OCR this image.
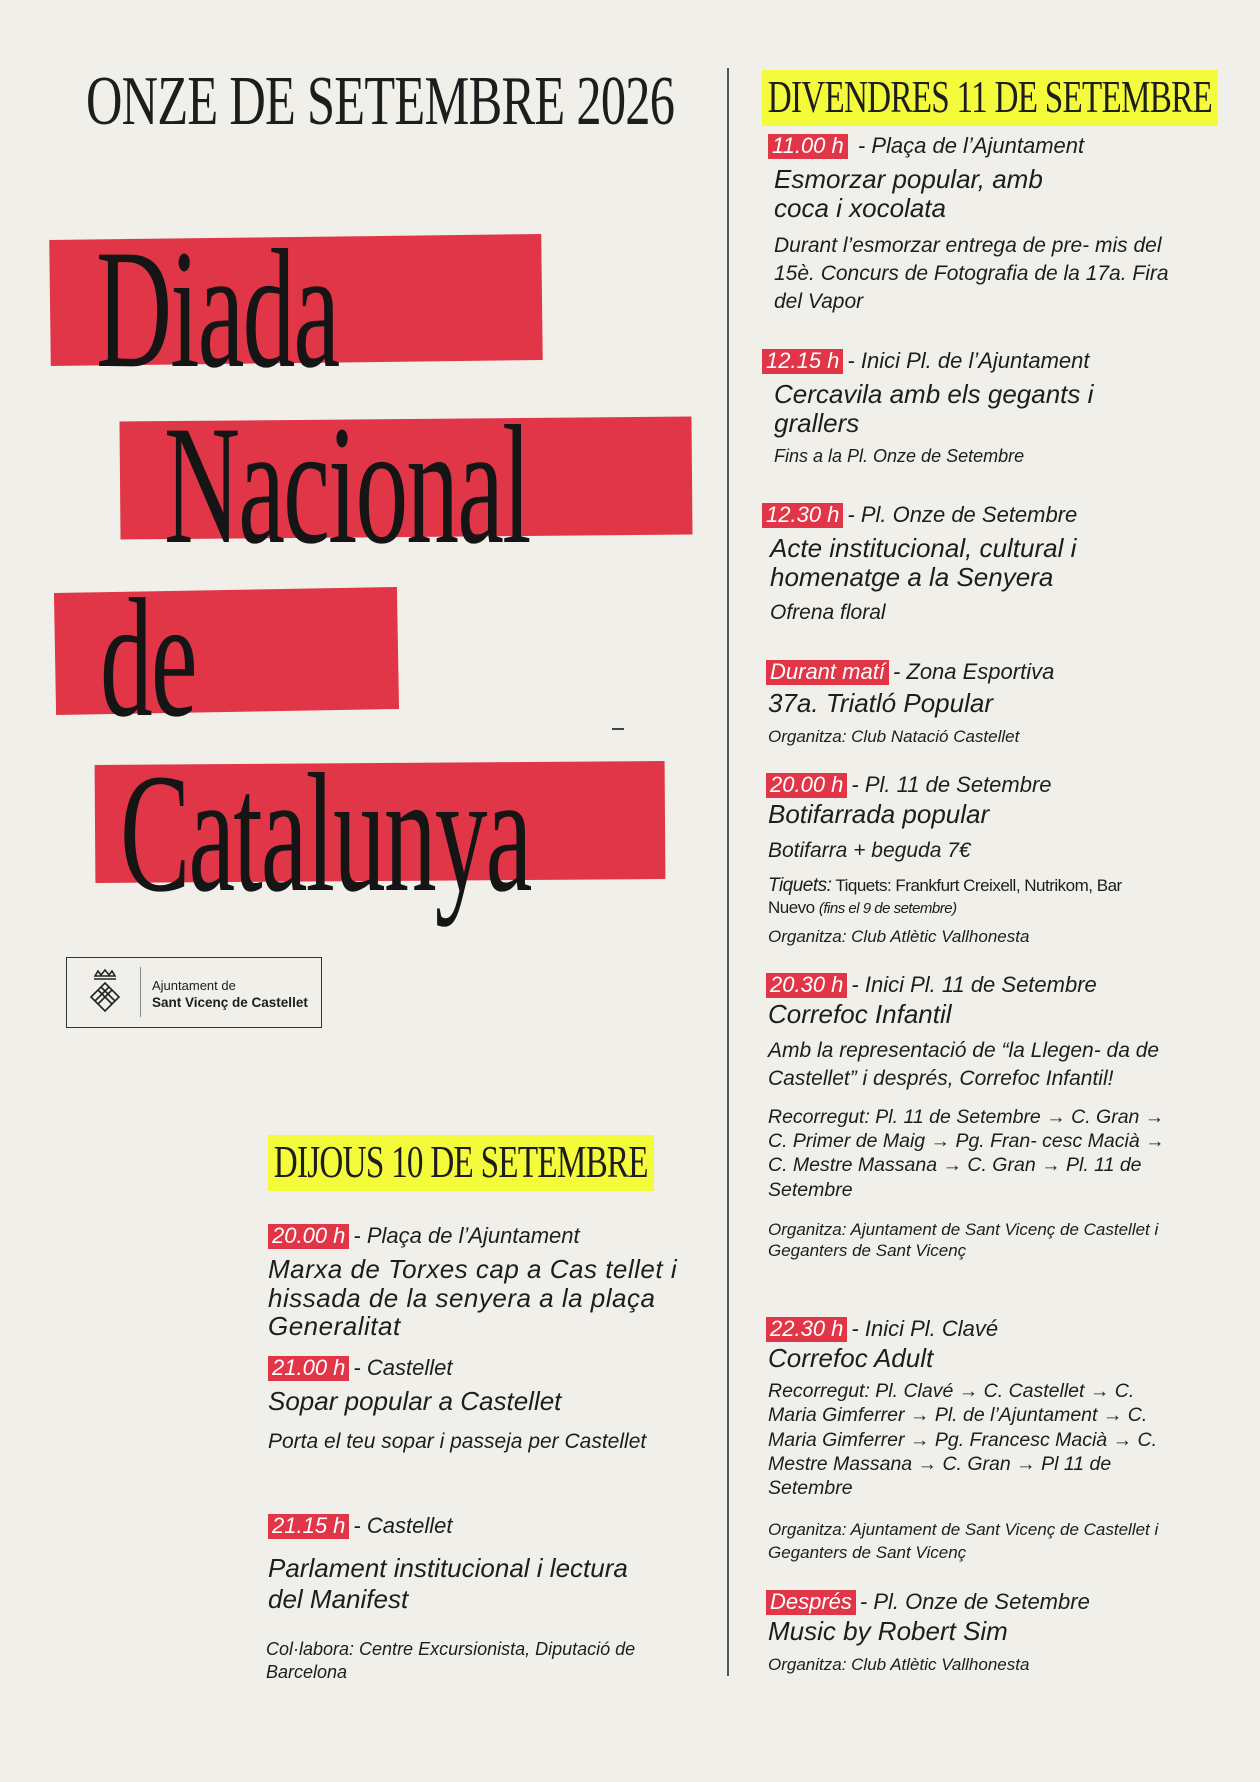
ONZE DE SETEMBRE 2026
Diada
Nacional
de
Catalunya
Ajuntament de
Sant Vicenç de Castellet
DIJOUS 10 DE SETEMBRE

20.00 h - Plaça de l’Ajuntament

Marxa de Torxes cap a Cas tellet i hissada de la senyera a la plaça Generalitat

21.00 h - Castellet

Sopar popular a Castellet

Porta el teu sopar i passeja per Castellet

21.15 h - Castellet

Parlament institucional i lectura del Manifest

Col·labora: Centre Excursionista, Diputació de Barcelona

DIVENDRES 11 DE SETEMBRE

11.00 h - Plaça de l’Ajuntament

Esmorzar popular, amb coca i xocolata

Durant l’esmorzar entrega de pre- mis del 15è. Concurs de Fotografia de la 17a. Fira del Vapor

12.15 h - Inici Pl. de l’Ajuntament

Cercavila amb els gegants i grallers

Fins a la Pl. Onze de Setembre

12.30 h - Pl. Onze de Setembre

Acte institucional, cultural i homenatge a la Senyera

Ofrena floral

Durant matí - Zona Esportiva

37a. Triatló Popular

Organitza: Club Natació Castellet

20.00 h - Pl. 11 de Setembre

Botifarrada popular

Botifarra + beguda 7€

Tiquets: Tiquets: Frankfurt Creixell, Nutrikom, Bar Nuevo (fins el 9 de setembre)

Organitza: Club Atlètic Vallhonesta

20.30 h - Inici Pl. 11 de Setembre

Correfoc Infantil

Amb la representació de “la Llegen- da de Castellet” i després, Correfoc Infantil!

Recorregut: Pl. 11 de Setembre → C. Gran → C. Primer de Maig → Pg. Fran- cesc Macià → C. Mestre Massana → C. Gran → Pl. 11 de Setembre

Organitza: Ajuntament de Sant Vicenç de Castellet i Geganters de Sant Vicenç

22.30 h - Inici Pl. Clavé

Correfoc Adult

Recorregut: Pl. Clavé → C. Castellet → C. Maria Gimferrer → Pl. de l’Ajuntament → C. Maria Gimferrer → Pg. Francesc Macià → C. Mestre Massana → C. Gran → Pl 11 de Setembre

Organitza: Ajuntament de Sant Vicenç de Castellet i Geganters de Sant Vicenç

Després - Pl. Onze de Setembre

Music by Robert Sim

Organitza: Club Atlètic Vallhonesta
